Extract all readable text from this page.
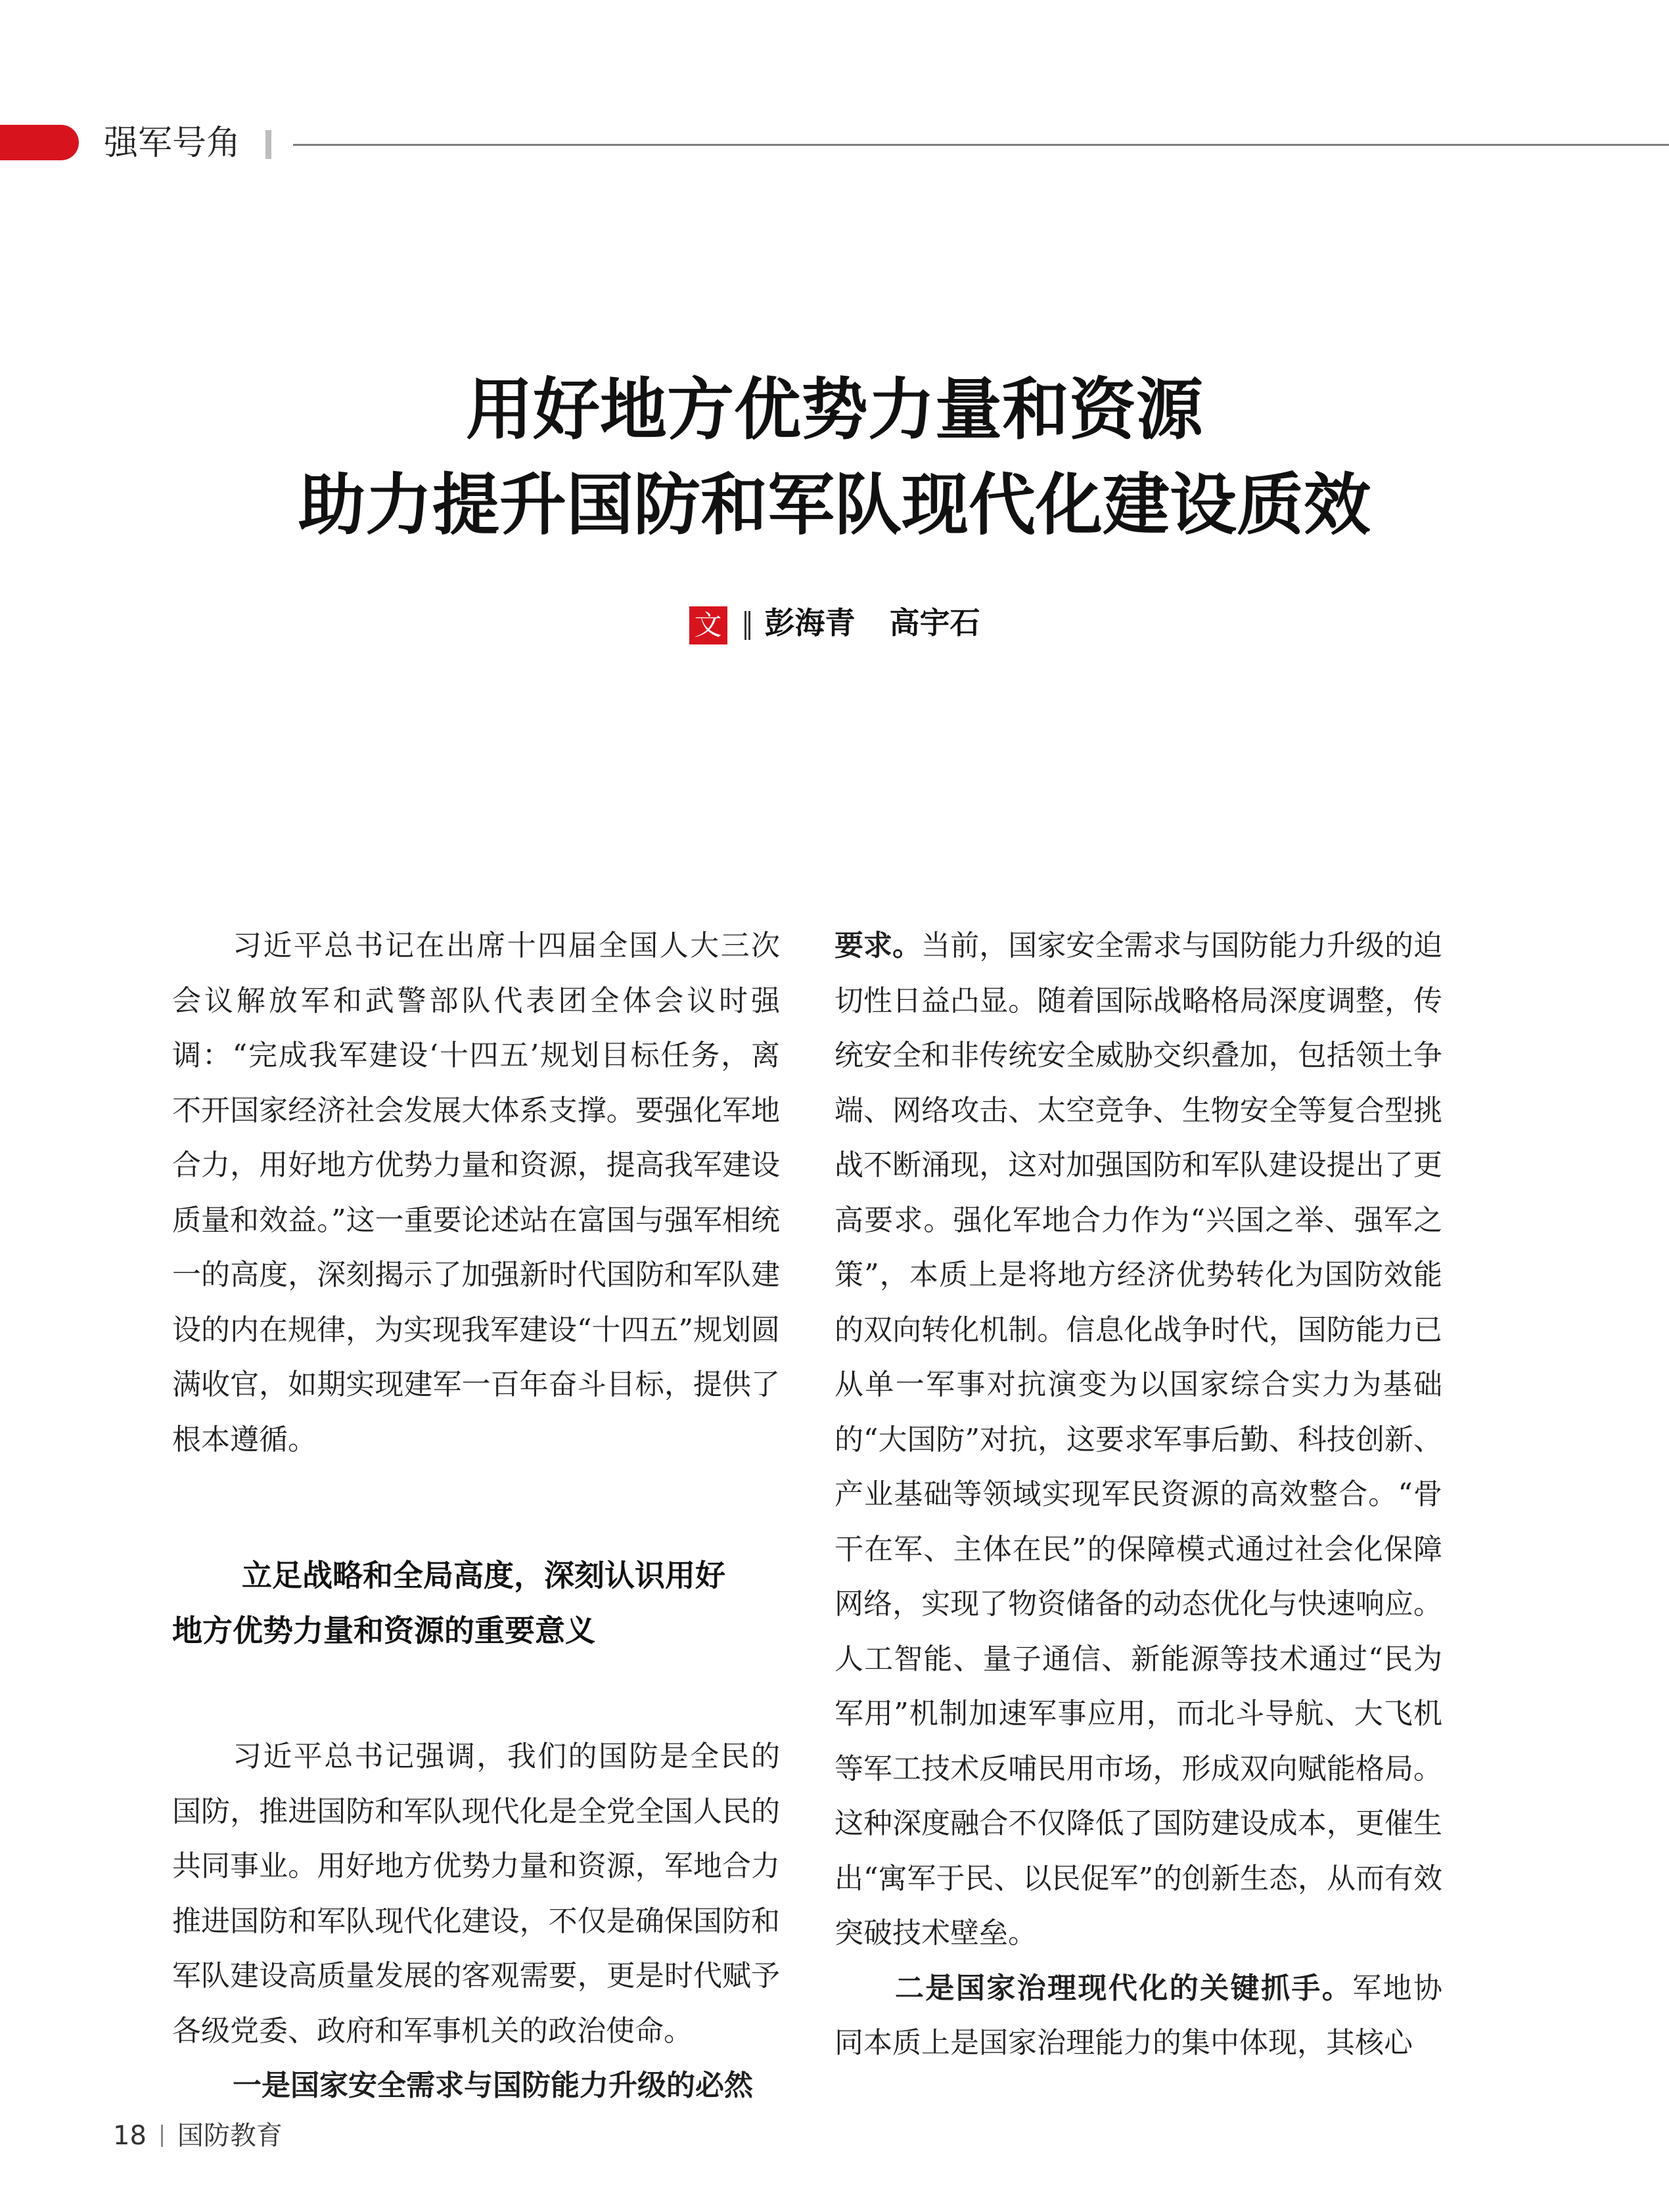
强军号角
用好地方优势力量和资源
助力提升国防和军队现代化建设质效
文 彭海青 高宇石

习近平总书记在出席十四届全国人大三次会议解放军和武警部队代表团全体会议时强调：“完成我军建设‘十四五’规划目标任务，离不开国家经济社会发展大体系支撑。要强化军地合力，用好地方优势力量和资源，提高我军建设质量和效益。”这一重要论述站在富国与强军相统一的高度，深刻揭示了加强新时代国防和军队建设的内在规律，为实现我军建设“十四五”规划圆满收官，如期实现建军一百年奋斗目标，提供了根本遵循。

立足战略和全局高度，深刻认识用好

地方优势力量和资源的重要意义

习近平总书记强调，我们的国防是全民的国防，推进国防和军队现代化是全党全国人民的共同事业。用好地方优势力量和资源，军地合力推进国防和军队现代化建设，不仅是确保国防和军队建设高质量发展的客观需要，更是时代赋予各级党委、政府和军事机关的政治使命。

一是国家安全需求与国防能力升级的必然

要求。当前，国家安全需求与国防能力升级的迫切性日益凸显。随着国际战略格局深度调整，传统安全和非传统安全威胁交织叠加，包括领土争端、网络攻击、太空竞争、生物安全等复合型挑战不断涌现，这对加强国防和军队建设提出了更高要求。强化军地合力作为“兴国之举、强军之策”，本质上是将地方经济优势转化为国防效能的双向转化机制。信息化战争时代，国防能力已从单一军事对抗演变为以国家综合实力为基础的“大国防”对抗，这要求军事后勤、科技创新、产业基础等领域实现军民资源的高效整合。“骨干在军、主体在民”的保障模式通过社会化保障网络，实现了物资储备的动态优化与快速响应。人工智能、量子通信、新能源等技术通过“民为军用”机制加速军事应用，而北斗导航、大飞机等军工技术反哺民用市场，形成双向赋能格局。这种深度融合不仅降低了国防建设成本，更催生出“寓军于民、以民促军”的创新生态，从而有效突破技术壁垒。

二是国家治理现代化的关键抓手。军地协同本质上是国家治理能力的集中体现，其核心

18 国防教育
